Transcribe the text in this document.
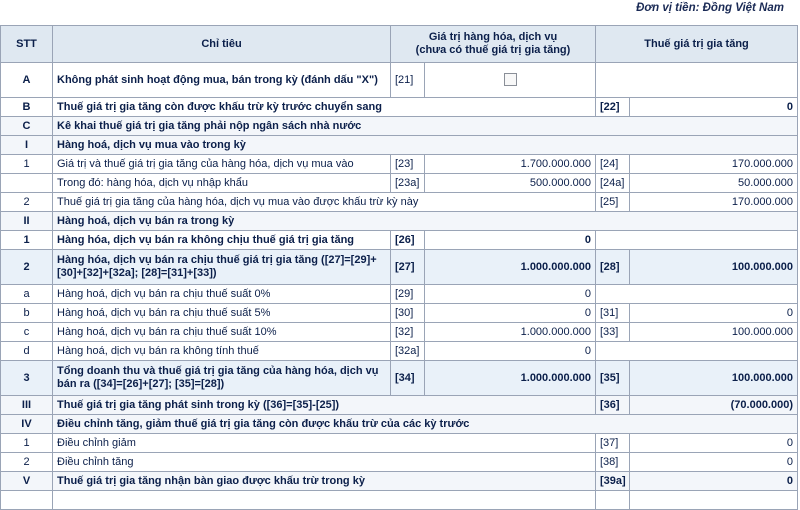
Đơn vị tiền: Đồng Việt Nam
STT	Chỉ tiêu	Giá trị hàng hóa, dịch vụ
(chưa có thuế giá trị gia tăng)		Thuế giá trị gia tăng	
A	Không phát sinh hoạt động mua, bán trong kỳ (đánh dấu "X")	[21]			
B	Thuế giá trị gia tăng còn được khấu trừ kỳ trước chuyển sang			[22]	0
C	Kê khai thuế giá trị gia tăng phải nộp ngân sách nhà nước				
I	Hàng hoá, dịch vụ mua vào trong kỳ				
1	Giá trị và thuế giá trị gia tăng của hàng hóa, dịch vụ mua vào	[23]	1.700.000.000	[24]	170.000.000
	Trong đó: hàng hóa, dịch vụ nhập khẩu	[23a]	500.000.000	[24a]	50.000.000
2	Thuế giá trị gia tăng của hàng hóa, dịch vụ mua vào được khấu trừ kỳ này			[25]	170.000.000
II	Hàng hoá, dịch vụ bán ra trong kỳ				
1	Hàng hóa, dịch vụ bán ra không chịu thuế giá trị gia tăng	[26]	0		
2	Hàng hóa, dịch vụ bán ra chịu thuế giá trị gia tăng ([27]=[29]+[30]+[32]+[32a]; [28]=[31]+[33])	[27]	1.000.000.000	[28]	100.000.000
a	Hàng hoá, dịch vụ bán ra chịu thuế suất 0%	[29]	0		
b	Hàng hoá, dịch vụ bán ra chịu thuế suất 5%	[30]	0	[31]	0
c	Hàng hoá, dịch vụ bán ra chịu thuế suất 10%	[32]	1.000.000.000	[33]	100.000.000
d	Hàng hoá, dịch vụ bán ra không tính thuế	[32a]	0		
3	Tổng doanh thu và thuế giá trị gia tăng của hàng hóa, dịch vụ bán ra ([34]=[26]+[27]; [35]=[28])	[34]	1.000.000.000	[35]	100.000.000
III	Thuế giá trị gia tăng phát sinh trong kỳ ([36]=[35]-[25])			[36]	(70.000.000)
IV	Điều chỉnh tăng, giảm thuế giá trị gia tăng còn được khấu trừ của các kỳ trước				
1	Điều chỉnh giảm			[37]	0
2	Điều chỉnh tăng			[38]	0
V	Thuế giá trị gia tăng nhận bàn giao được khấu trừ trong kỳ			[39a]	0
